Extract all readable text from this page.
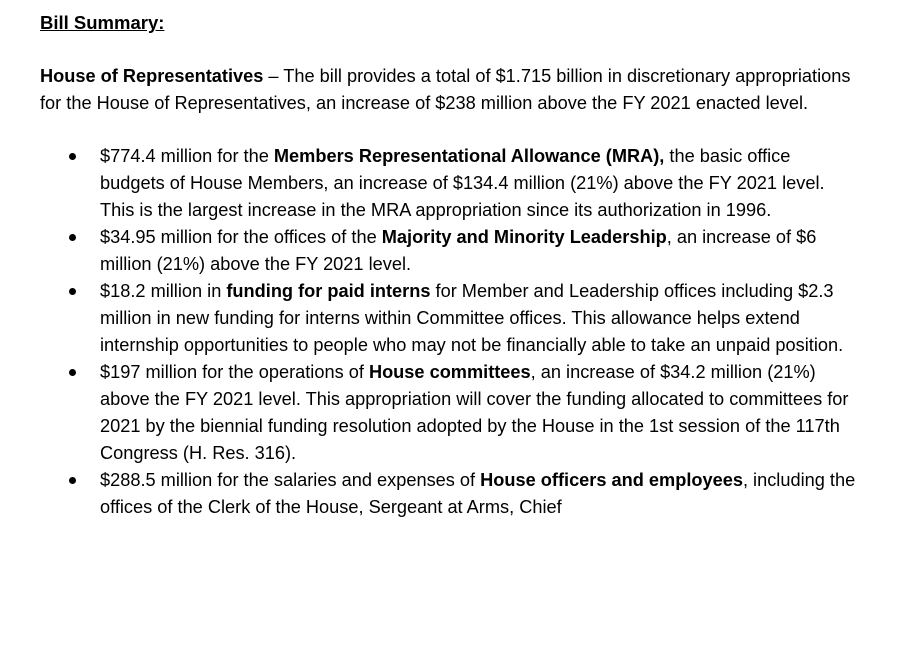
Bill Summary:

House of Representatives – The bill provides a total of $1.715 billion in discretionary appropriations for the House of Representatives, an increase of $238 million above the FY 2021 enacted level.

$774.4 million for the Members Representational Allowance (MRA), the basic office budgets of House Members, an increase of $134.4 million (21%) above the FY 2021 level. This is the largest increase in the MRA appropriation since its authorization in 1996.
$34.95 million for the offices of the Majority and Minority Leadership, an increase of $6 million (21%) above the FY 2021 level.
$18.2 million in funding for paid interns for Member and Leadership offices including $2.3 million in new funding for interns within Committee offices. This allowance helps extend internship opportunities to people who may not be financially able to take an unpaid position.
$197 million for the operations of House committees, an increase of $34.2 million (21%) above the FY 2021 level. This appropriation will cover the funding allocated to committees for 2021 by the biennial funding resolution adopted by the House in the 1st session of the 117th Congress (H. Res. 316).
$288.5 million for the salaries and expenses of House officers and employees, including the offices of the Clerk of the House, Sergeant at Arms, Chief
